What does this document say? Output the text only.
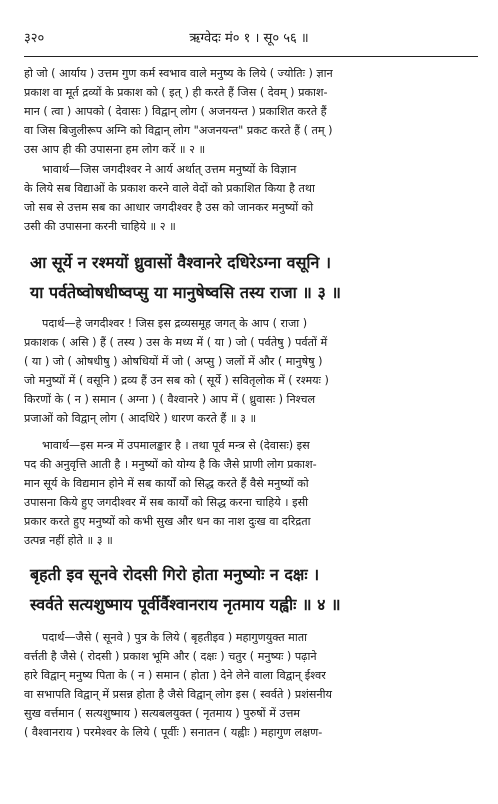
३२०	ऋग्वेदः मं० १ । सू० ५६ ॥

हो जो ( आर्याय ) उत्तम गुण कर्म स्वभाव वाले मनुष्य के लिये ( ज्योतिः ) ज्ञान

प्रकाश वा मूर्त द्रव्यों के प्रकाश को ( इत् ) ही करते हैं जिस ( देवम् ) प्रकाश-

मान ( त्वा ) आपको ( देवासः ) विद्वान् लोग ( अजनयन्त ) प्रकाशित करते हैं

वा जिस बिजुलीरूप अग्नि को विद्वान् लोग "अजनयन्त" प्रकट करते हैं ( तम् )

उस आप ही की उपासना हम लोग करें ॥ २ ॥

भावार्थ—जिस जगदीश्वर ने आर्य अर्थात् उत्तम मनुष्यों के विज्ञान

के लिये सब विद्याओं के प्रकाश करने वाले वेदों को प्रकाशित किया है तथा

जो सब से उत्तम सब का आधार जगदीश्वर है उस को जानकर मनुष्यों को

उसी की उपासना करनी चाहिये ॥ २ ॥

आ सूर्ये न रश्मयों ध्रुवासों वैश्वानरे दधिरेऽग्ना वसूनि ।

या पर्वतेष्वोषधीष्वप्सु या मानुषेष्वसि तस्य राजा ॥ ३ ॥

पदार्थ—हे जगदीश्वर ! जिस इस द्रव्यसमूह जगत् के आप ( राजा )

प्रकाशक ( असि ) हैं ( तस्य ) उस के मध्य में ( या ) जो ( पर्वतेषु ) पर्वतों में

( या ) जो ( ओषधीषु ) ओषधियों में जो ( अप्सु ) जलों में और ( मानुषेषु )

जो मनुष्यों में ( वसूनि ) द्रव्य हैं उन सब को ( सूर्ये ) सवितृलोक में ( रश्मयः )

किरणों के ( न ) समान ( अग्ना ) ( वैश्वानरे ) आप में ( ध्रुवासः ) निश्चल

प्रजाओं को विद्वान् लोग ( आदधिरे ) धारण करते हैं ॥ ३ ॥

भावार्थ—इस मन्त्र में उपमालङ्कार है । तथा पूर्व मन्त्र से (देवासः) इस

पद की अनुवृत्ति आती है । मनुष्यों को योग्य है कि जैसे प्राणी लोग प्रकाश-

मान सूर्य के विद्यमान होने में सब कार्यों को सिद्ध करते हैं वैसे मनुष्यों को

उपासना किये हुए जगदीश्वर में सब कार्यों को सिद्ध करना चाहिये । इसी

प्रकार करते हुए मनुष्यों को कभी सुख और धन का नाश दुःख वा दरिद्रता

उत्पन्न नहीं होते ॥ ३ ॥

बृहती इव सूनवे रोदसी गिरो होता मनुष्योः न दक्षः ।

स्वर्वते सत्यशुष्माय पूर्वीर्वैश्वानराय नृतमाय यह्वीः ॥ ४ ॥

पदार्थ—जैसे ( सूनवे ) पुत्र के लिये ( बृहतीइव ) महागुणयुक्त माता

वर्त्तती है जैसे ( रोदसी ) प्रकाश भूमि और ( दक्षः ) चतुर ( मनुष्यः ) पढ़ाने

हारे विद्वान् मनुष्य पिता के ( न ) समान ( होता ) देने लेने वाला विद्वान् ईश्वर

वा सभापति विद्वान् में प्रसन्न होता है जैसे विद्वान् लोग इस ( स्वर्वते ) प्रशंसनीय

सुख वर्त्तमान ( सत्यशुष्माय ) सत्यबलयुक्त ( नृतमाय ) पुरुषों में उत्तम

( वैश्वानराय ) परमेश्वर के लिये ( पूर्वीः ) सनातन ( यह्वीः ) महागुण लक्षण-
